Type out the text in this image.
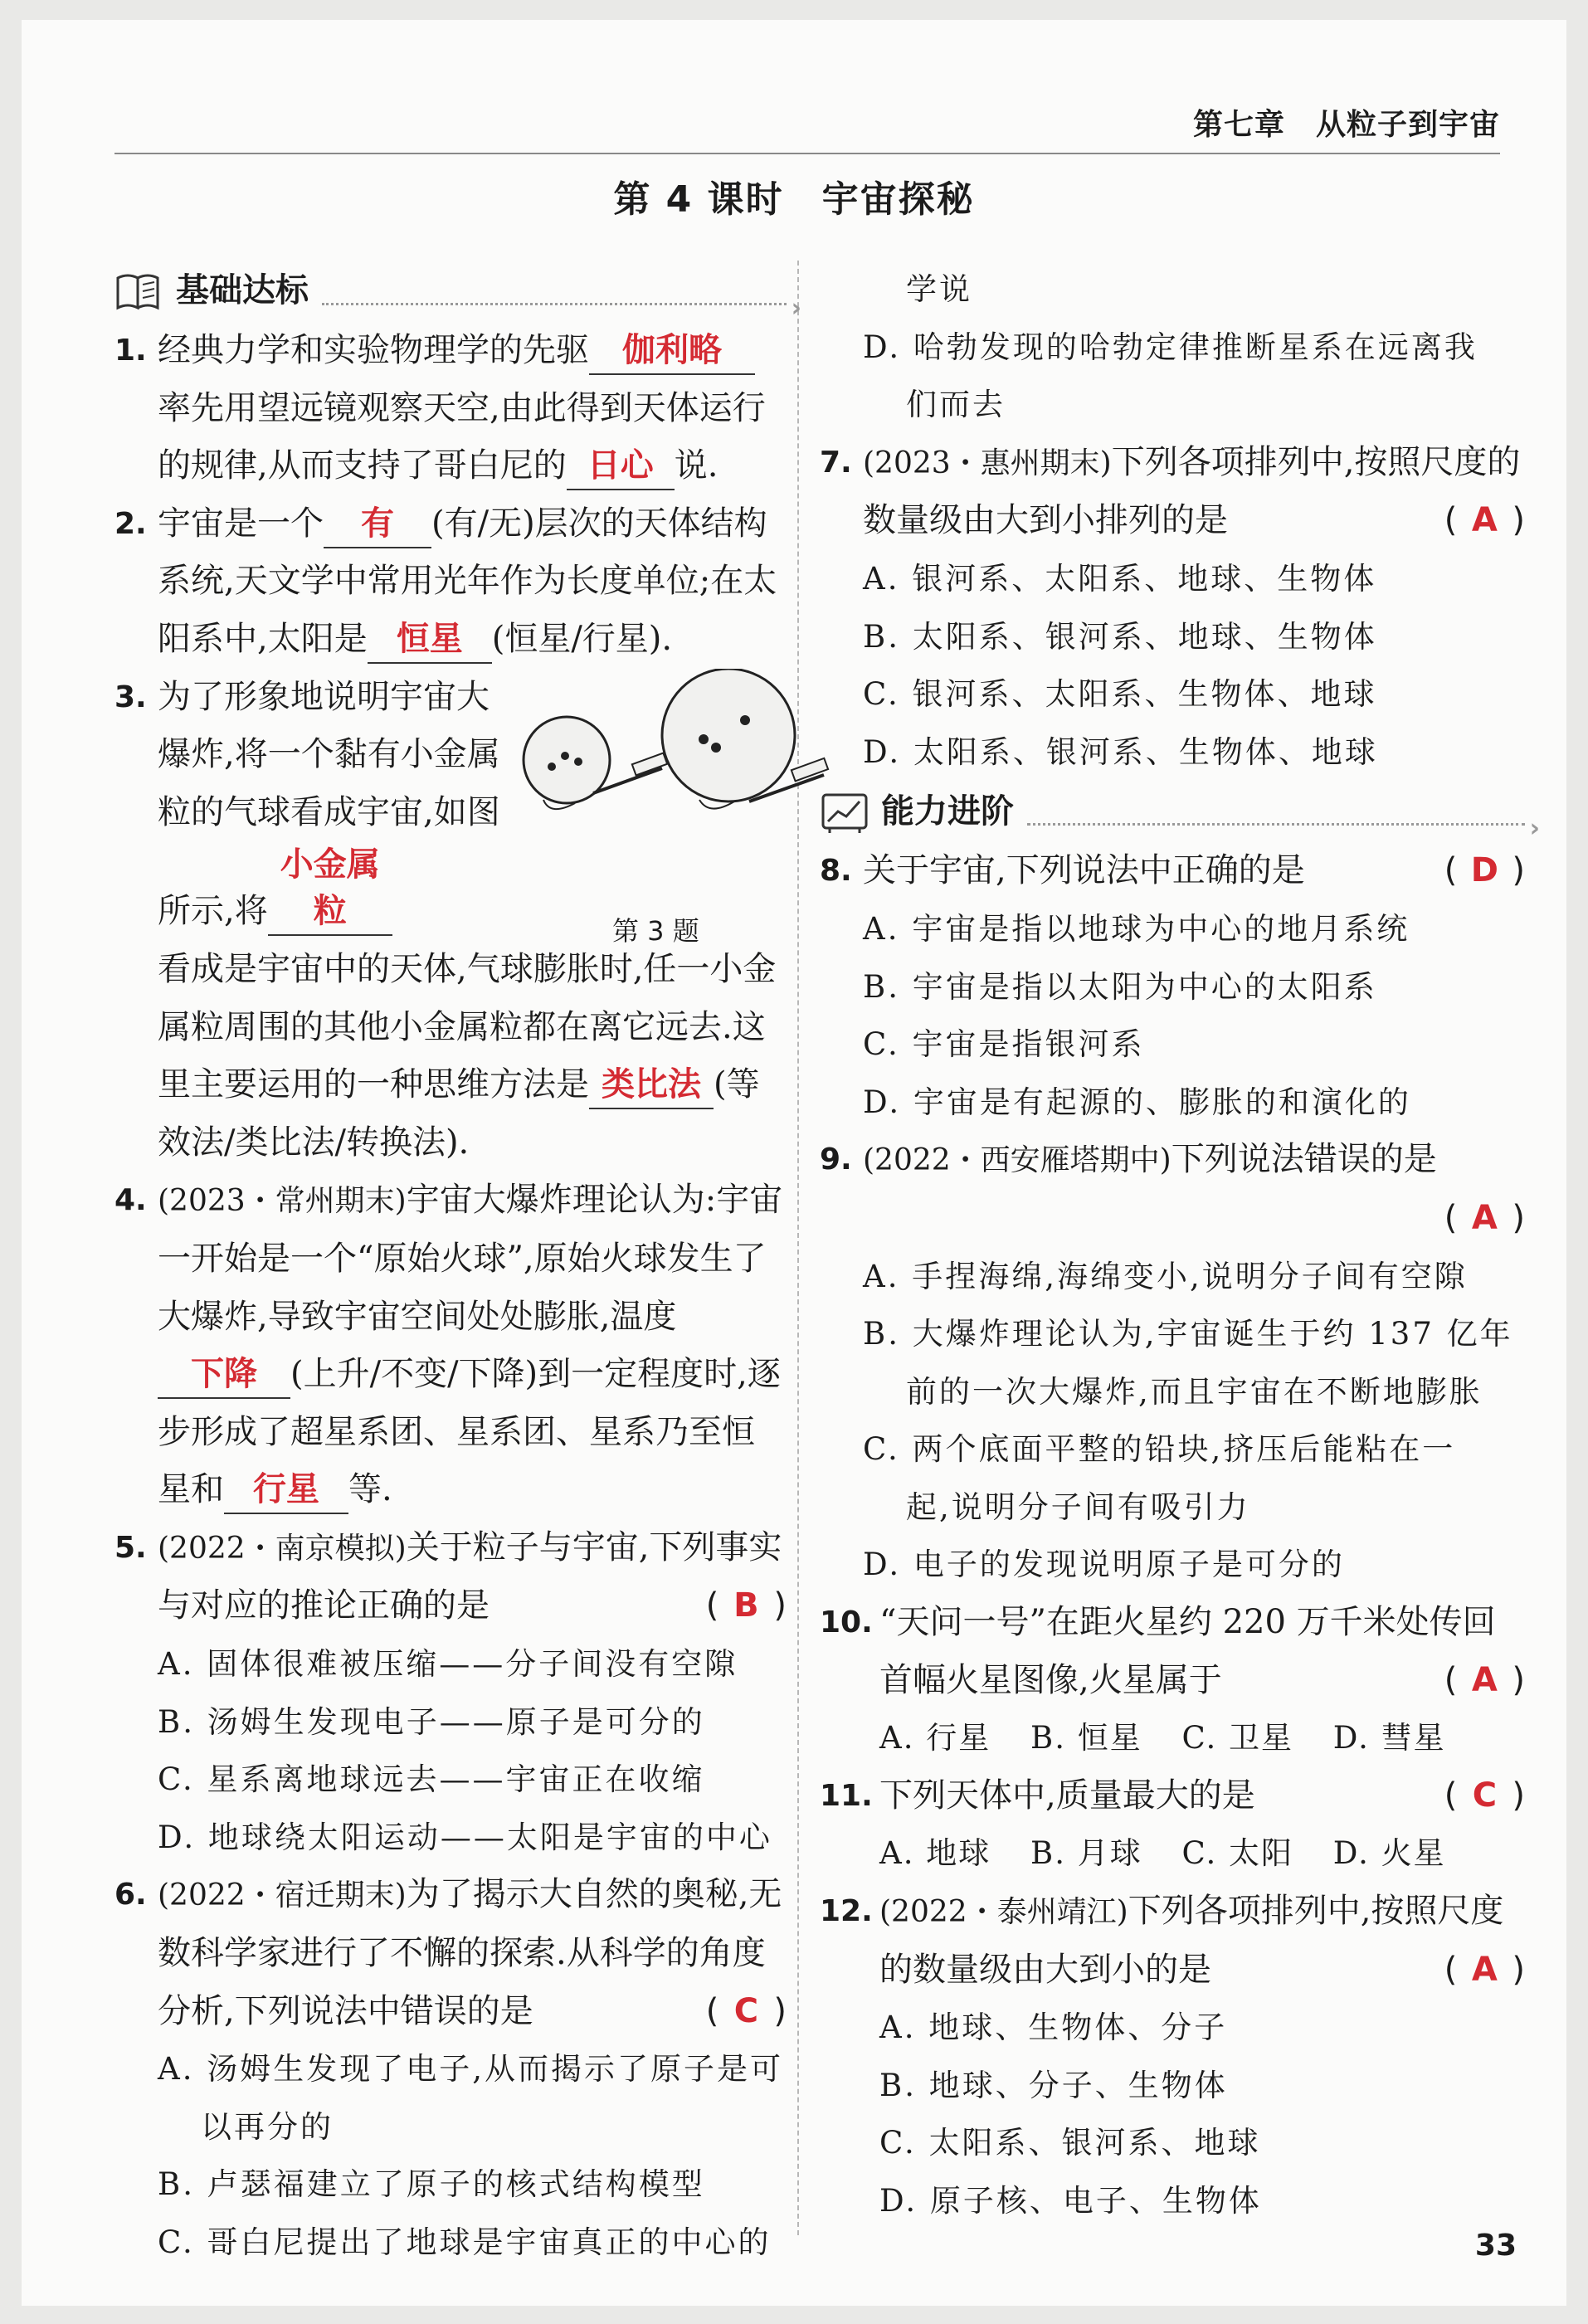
第七章　从粒子到宇宙
第 4 课时　宇宙探秘
基础达标
›
1. 经典力学和实验物理学的先驱 伽利略率先用望远镜观察天空,由此得到天体运行的规律,从而支持了哥白尼的 日心 说.
2. 宇宙是一个 有 (有/无)层次的天体结构系统,天文学中常用光年作为长度单位;在太阳系中,太阳是 恒星 (恒星/行星).
第 3 题
3. 为了形象地说明宇宙大爆炸,将一个黏有小金属粒的气球看成宇宙,如图所示,将小金属粒
看成是宇宙中的天体,气球膨胀时,任一小金属粒周围的其他小金属粒都在离它远去.这里主要运用的一种思维方法是 类比法 (等效法/类比法/转换法).
4. (2023・常州期末)宇宙大爆炸理论认为:宇宙一开始是一个“原始火球”,原始火球发生了大爆炸,导致宇宙空间处处膨胀,温度下降 (上升/不变/下降)到一定程度时,逐步形成了超星系团、星系团、星系乃至恒星和 行星 等.
5. (2022・南京模拟)关于粒子与宇宙,下列事实与对应的推论正确的是	( B )
A. 固体很难被压缩——分子间没有空隙
B. 汤姆生发现电子——原子是可分的
C. 星系离地球远去——宇宙正在收缩
D. 地球绕太阳运动——太阳是宇宙的中心
6. (2022・宿迁期末)为了揭示大自然的奥秘,无数科学家进行了不懈的探索.从科学的角度分析,下列说法中错误的是	( C )
A. 汤姆生发现了电子,从而揭示了原子是可
以再分的
B. 卢瑟福建立了原子的核式结构模型
C. 哥白尼提出了地球是宇宙真正的中心的
学说
D. 哈勃发现的哈勃定律推断星系在远离我
们而去
7. (2023・惠州期末)下列各项排列中,按照尺度的数量级由大到小排列的是	( A )
A. 银河系、太阳系、地球、生物体
B. 太阳系、银河系、地球、生物体
C. 银河系、太阳系、生物体、地球
D. 太阳系、银河系、生物体、地球
能力进阶
›
8. 关于宇宙,下列说法中正确的是	( D )
A. 宇宙是指以地球为中心的地月系统
B. 宇宙是指以太阳为中心的太阳系
C. 宇宙是指银河系
D. 宇宙是有起源的、膨胀的和演化的
9. (2022・西安雁塔期中)下列说法错误的是
( A )
A. 手捏海绵,海绵变小,说明分子间有空隙
B. 大爆炸理论认为,宇宙诞生于约 137 亿年
前的一次大爆炸,而且宇宙在不断地膨胀
C. 两个底面平整的铅块,挤压后能粘在一
起,说明分子间有吸引力
D. 电子的发现说明原子是可分的
10. “天问一号”在距火星约 220 万千米处传回
首幅火星图像,火星属于	( A )
A. 行星 B. 恒星 C. 卫星 D. 彗星
11. 下列天体中,质量最大的是	( C )
A. 地球 B. 月球 C. 太阳 D. 火星
12. (2022・泰州靖江)下列各项排列中,按照尺度的数量级由大到小的是	( A )
A. 地球、生物体、分子
B. 地球、分子、生物体
C. 太阳系、银河系、地球
D. 原子核、电子、生物体
33
